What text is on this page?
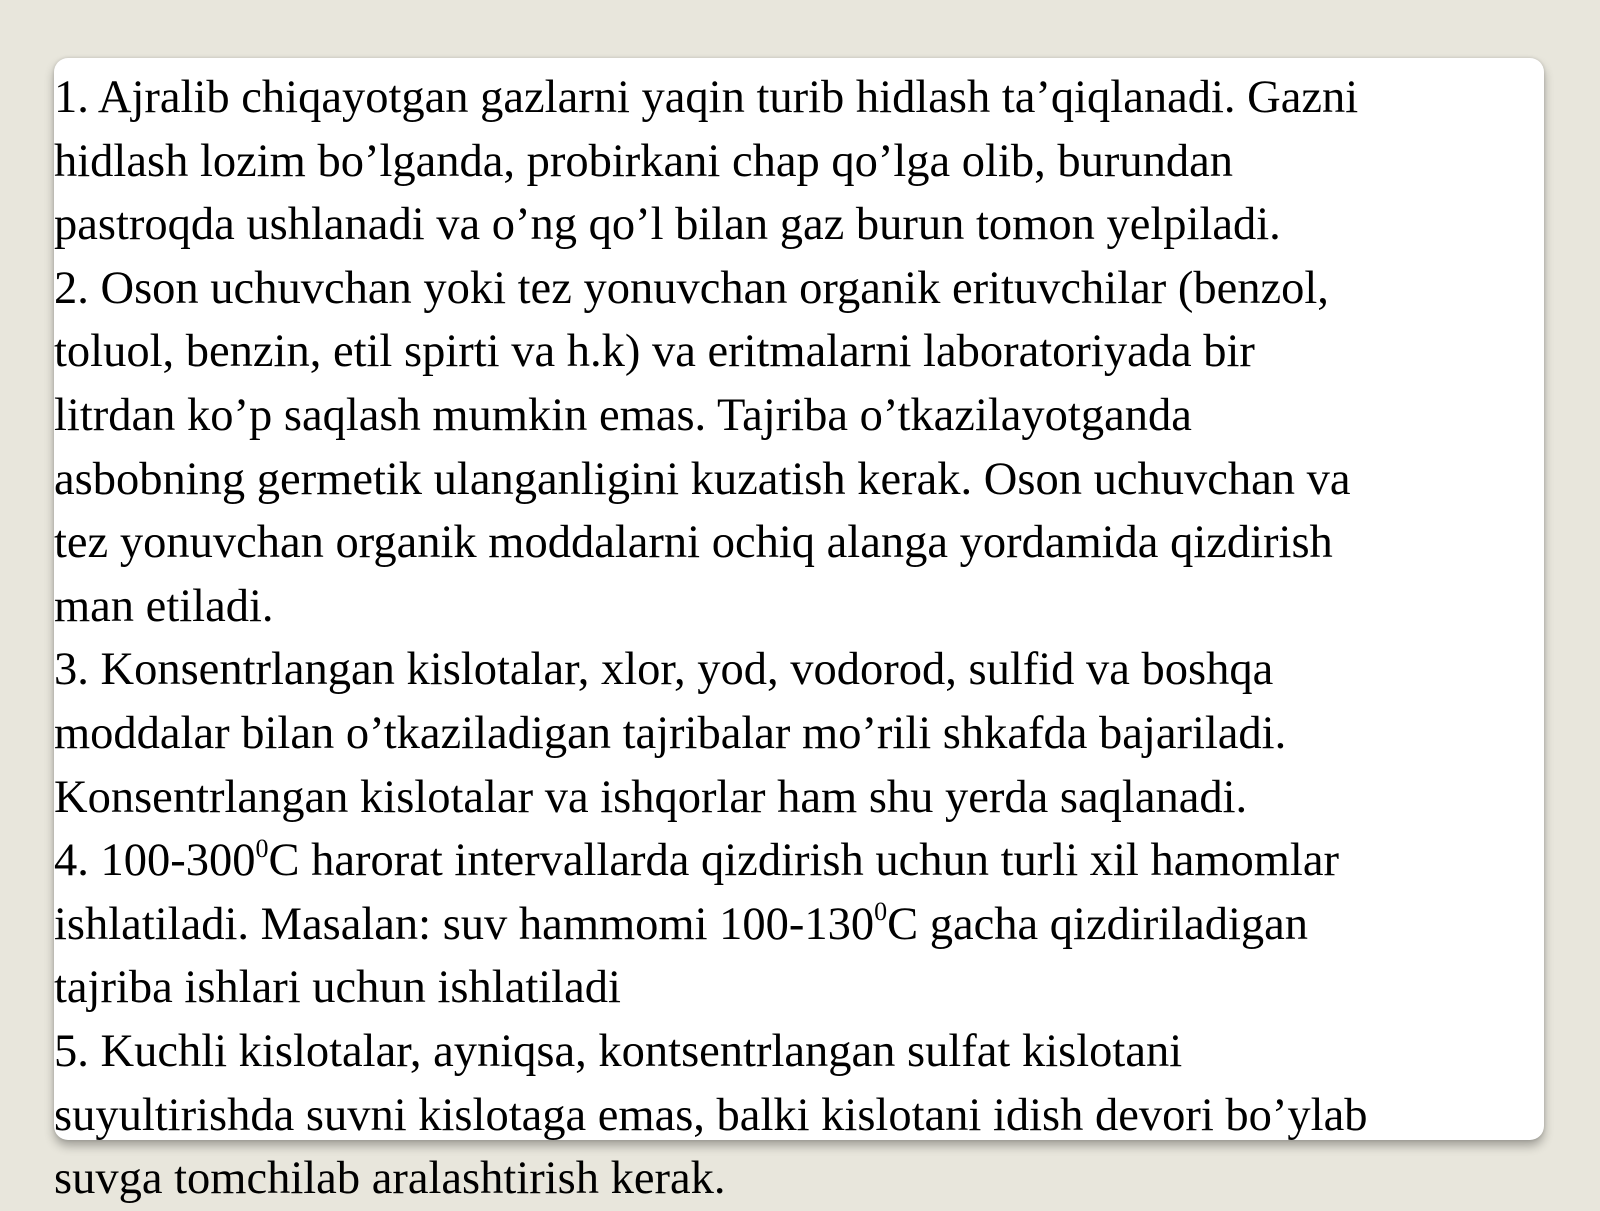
1. Ajralib chiqayotgan gazlarni yaqin turib hidlash ta’qiqlanadi. Gazni
hidlash lozim bo’lganda, probirkani chap qo’lga olib, burundan
pastroqda ushlanadi va o’ng qo’l bilan gaz burun tomon yelpiladi.
2. Oson uchuvchan yoki tez yonuvchan organik erituvchilar (benzol,
toluol, benzin, etil spirti va h.k) va eritmalarni laboratoriyada bir
litrdan ko’p saqlash mumkin emas. Tajriba o’tkazilayotganda
asbobning germetik ulanganligini kuzatish kerak. Oson uchuvchan va
tez yonuvchan organik moddalarni ochiq alanga yordamida qizdirish
man etiladi.
3. Konsentrlangan kislotalar, xlor, yod, vodorod, sulfid va boshqa
moddalar bilan o’tkaziladigan tajribalar mo’rili shkafda bajariladi.
Konsentrlangan kislotalar va ishqorlar ham shu yerda saqlanadi.
4. $100-300^0C$ harorat intervallarda qizdirish uchun turli xil hamomlar
ishlatiladi. Masalan: suv hammomi $100-130^0C$ gacha qizdiriladigan
tajriba ishlari uchun ishlatiladi
5. Kuchli kislotalar, ayniqsa, kontsentrlangan sulfat kislotani
suyultirishda suvni kislotaga emas, balki kislotani idish devori bo’ylab
suvga tomchilab aralashtirish kerak.
